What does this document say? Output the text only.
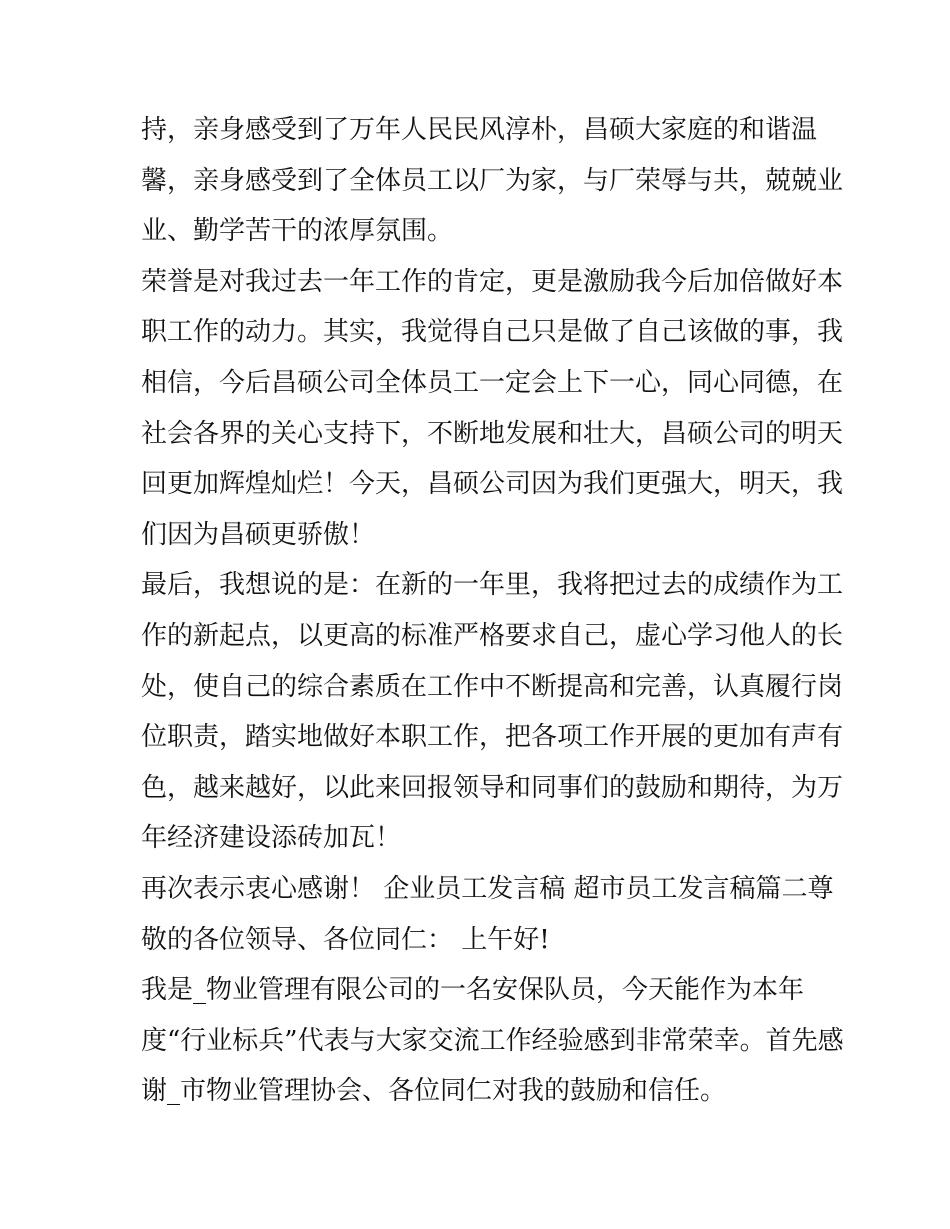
持，亲身感受到了万年人民民风淳朴，昌硕大家庭的和谐温
馨，亲身感受到了全体员工以厂为家，与厂荣辱与共，兢兢业
业、勤学苦干的浓厚氛围。
荣誉是对我过去一年工作的肯定，更是激励我今后加倍做好本
职工作的动力。其实，我觉得自己只是做了自己该做的事，我
相信，今后昌硕公司全体员工一定会上下一心，同心同德，在
社会各界的关心支持下，不断地发展和壮大，昌硕公司的明天
回更加辉煌灿烂！今天，昌硕公司因为我们更强大，明天，我
们因为昌硕更骄傲！
最后，我想说的是：在新的一年里，我将把过去的成绩作为工
作的新起点，以更高的标准严格要求自己，虚心学习他人的长
处，使自己的综合素质在工作中不断提高和完善，认真履行岗
位职责，踏实地做好本职工作，把各项工作开展的更加有声有
色，越来越好，以此来回报领导和同事们的鼓励和期待，为万
年经济建设添砖加瓦！
再次表示衷心感谢！ 企业员工发言稿 超市员工发言稿篇二尊
敬的各位领导、各位同仁： 上午好!
我是_物业管理有限公司的一名安保队员，今天能作为本年
度“行业标兵”代表与大家交流工作经验感到非常荣幸。首先感
谢_市物业管理协会、各位同仁对我的鼓励和信任。
